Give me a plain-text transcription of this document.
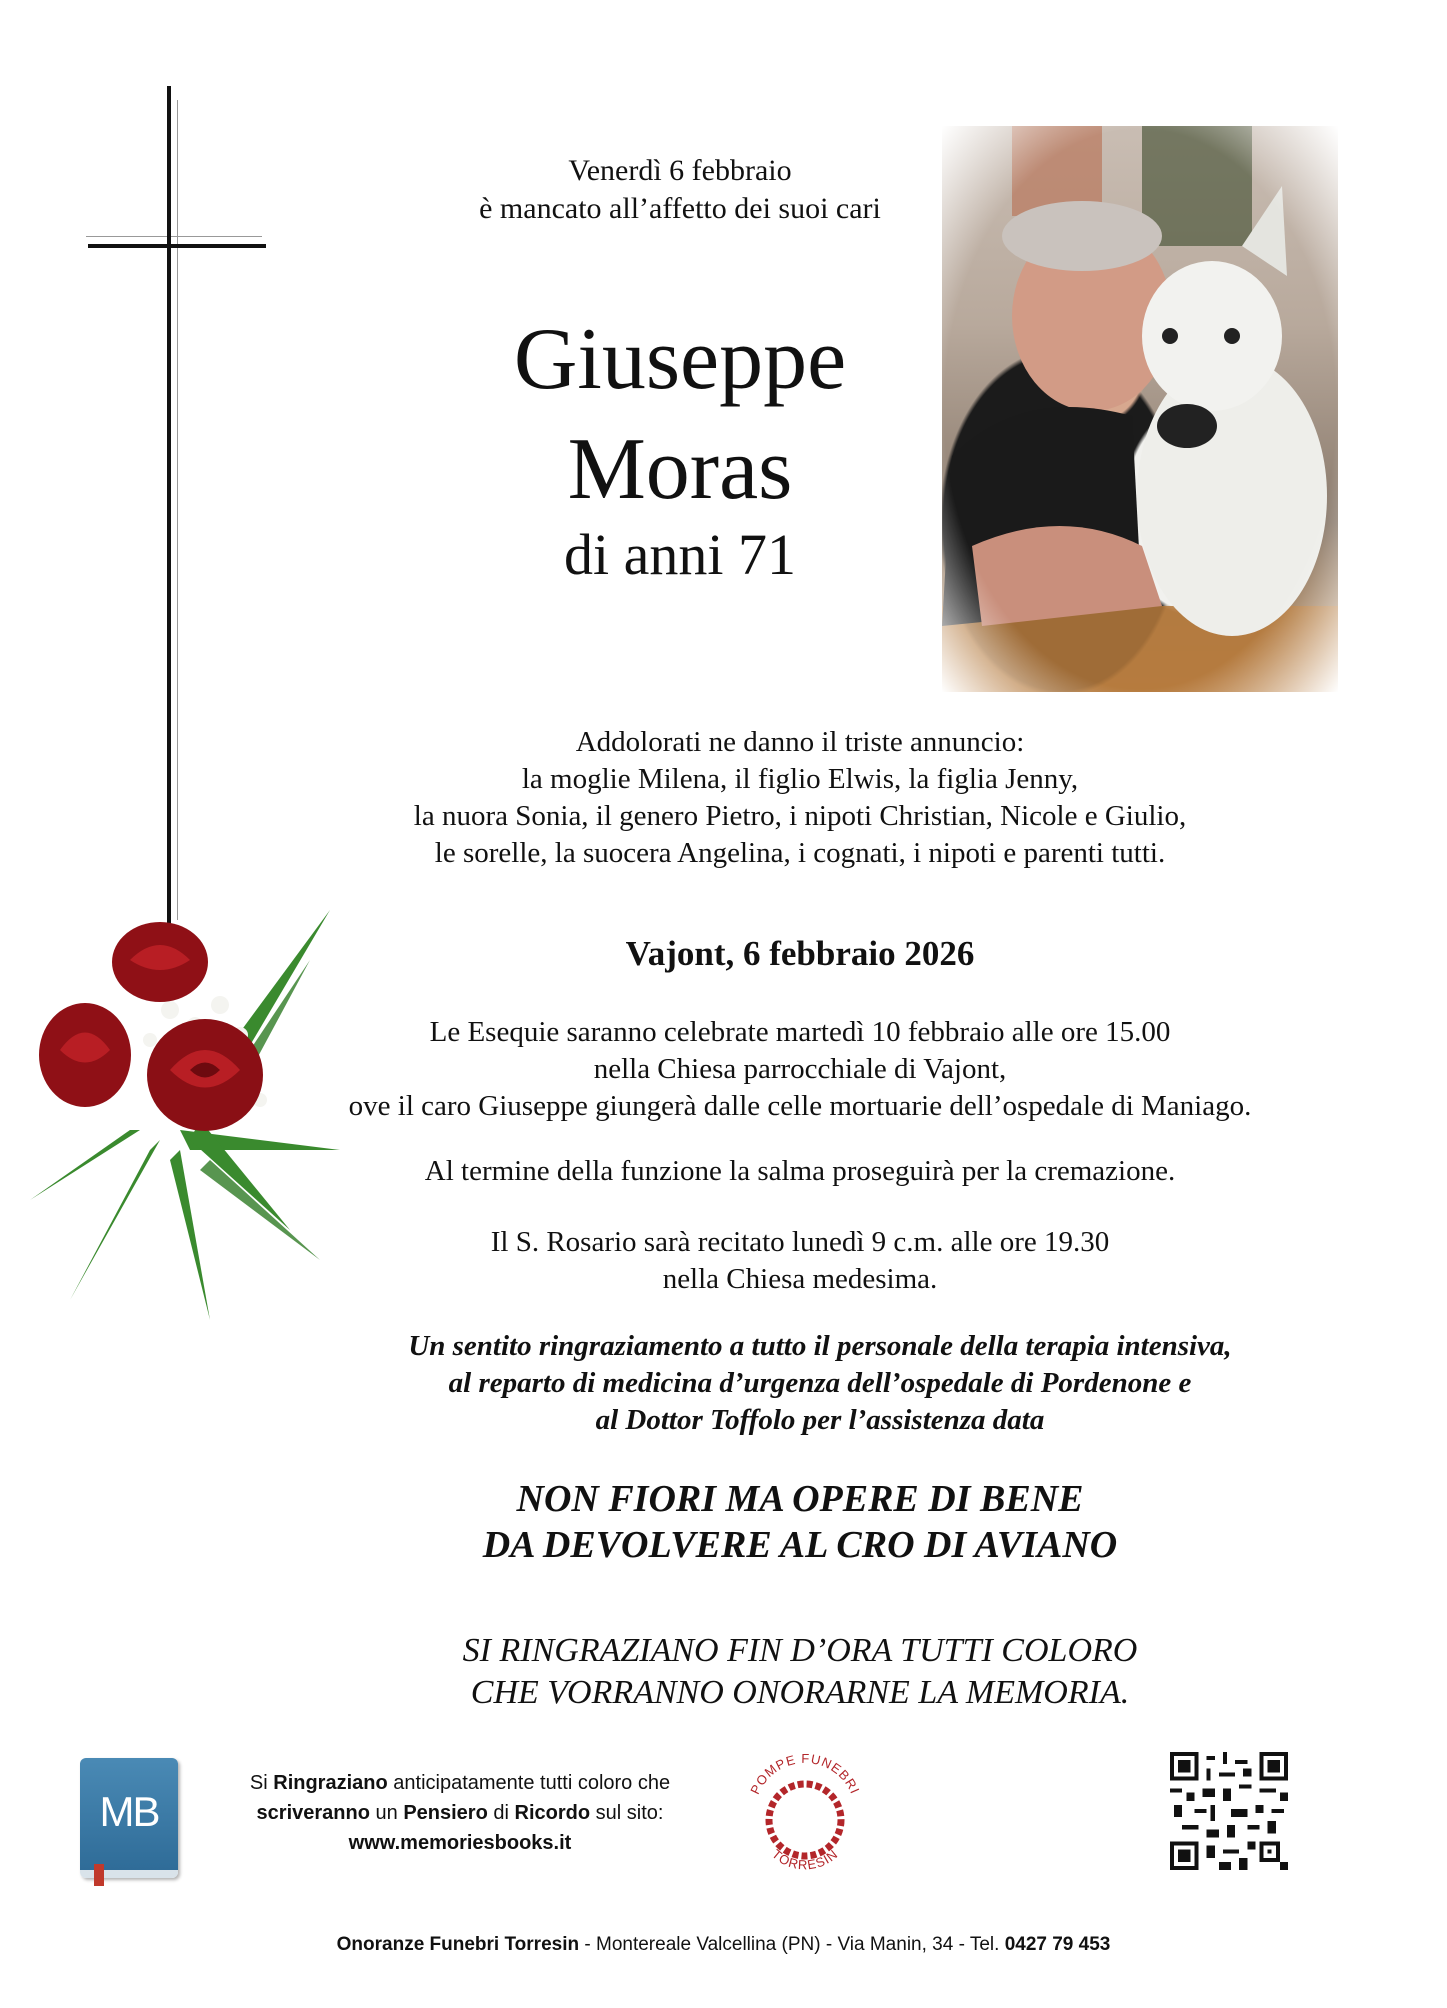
Venerdì 6 febbraio
è mancato all’affetto dei suoi cari
Giuseppe
Moras
di anni 71
Addolorati ne danno il triste annuncio:
la moglie Milena, il figlio Elwis, la figlia Jenny,
la nuora Sonia, il genero Pietro, i nipoti Christian, Nicole e Giulio,
le sorelle, la suocera Angelina, i cognati, i nipoti e parenti tutti.
Vajont, 6 febbraio 2026
Le Esequie saranno celebrate martedì 10 febbraio alle ore 15.00
nella Chiesa parrocchiale di Vajont,
ove il caro Giuseppe giungerà dalle celle mortuarie dell’ospedale di Maniago.
Al termine della funzione la salma proseguirà per la cremazione.
Il S. Rosario sarà recitato lunedì 9 c.m. alle ore 19.30
nella Chiesa medesima.
Un sentito ringraziamento a tutto il personale della terapia intensiva,
al reparto di medicina d’urgenza dell’ospedale di Pordenone e
al Dottor Toffolo per l’assistenza data
NON FIORI MA OPERE DI BENE
DA DEVOLVERE AL CRO DI AVIANO
SI RINGRAZIANO FIN D’ORA TUTTI COLORO
CHE VORRANNO ONORARNE LA MEMORIA.
MB
Si Ringraziano anticipatamente tutti coloro che
scriveranno un Pensiero di Ricordo sul sito:
www.memoriesbooks.it
POMPE FUNEBRI
TORRESIN
Onoranze Funebri Torresin - Montereale Valcellina (PN) - Via Manin, 34 - Tel. 0427 79 453
